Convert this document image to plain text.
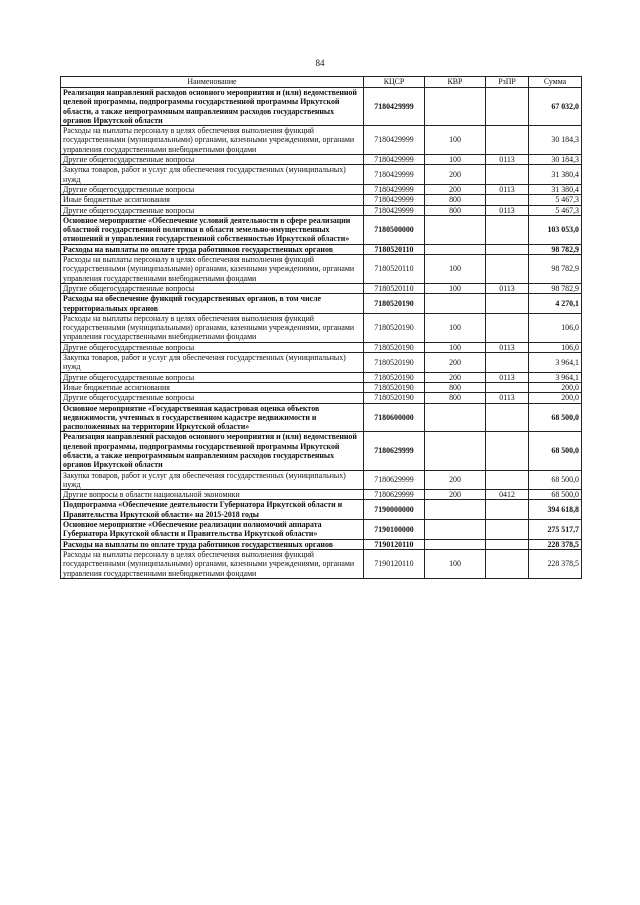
84
Наименование	КЦСР	КВР	РзПР	Сумма
Реализация направлений расходов основного мероприятия и (или) ведомственной целевой программы, подпрограммы государственной программы Иркутской области, а также непрограммным направлениям расходов государственных органов Иркутской области	7180429999			67 032,0
Расходы на выплаты персоналу в целях обеспечения выполнения функций государственными (муниципальными) органами, казенными учреждениями, органами управления государственными внебюджетными фондами	7180429999	100		30 184,3
Другие общегосударственные вопросы	7180429999	100	0113	30 184,3
Закупка товаров, работ и услуг для обеспечения государственных (муниципальных) нужд	7180429999	200		31 380,4
Другие общегосударственные вопросы	7180429999	200	0113	31 380,4
Иные бюджетные ассигнования	7180429999	800		5 467,3
Другие общегосударственные вопросы	7180429999	800	0113	5 467,3
Основное мероприятие «Обеспечение условий деятельности в сфере реализации областной государственной политики в области земельно-имущественных отношений и управления государственной собственностью Иркутской области»	7180500000			103 053,0
Расходы на выплаты по оплате труда работников государственных органов	7180520110			98 782,9
Расходы на выплаты персоналу в целях обеспечения выполнения функций государственными (муниципальными) органами, казенными учреждениями, органами управления государственными внебюджетными фондами	7180520110	100		98 782,9
Другие общегосударственные вопросы	7180520110	100	0113	98 782,9
Расходы на обеспечение функций государственных органов, в том числе территориальных органов	7180520190			4 270,1
Расходы на выплаты персоналу в целях обеспечения выполнения функций государственными (муниципальными) органами, казенными учреждениями, органами управления государственными внебюджетными фондами	7180520190	100		106,0
Другие общегосударственные вопросы	7180520190	100	0113	106,0
Закупка товаров, работ и услуг для обеспечения государственных (муниципальных) нужд	7180520190	200		3 964,1
Другие общегосударственные вопросы	7180520190	200	0113	3 964,1
Иные бюджетные ассигнования	7180520190	800		200,0
Другие общегосударственные вопросы	7180520190	800	0113	200,0
Основное мероприятие «Государственная кадастровая оценка объектов недвижимости, учтенных в государственном кадастре недвижимости и расположенных на территории Иркутской области»	7180600000			68 500,0
Реализация направлений расходов основного мероприятия и (или) ведомственной целевой программы, подпрограммы государственной программы Иркутской области, а также непрограммным направлениям расходов государственных органов Иркутской области	7180629999			68 500,0
Закупка товаров, работ и услуг для обеспечения государственных (муниципальных) нужд	7180629999	200		68 500,0
Другие вопросы в области национальной экономики	7180629999	200	0412	68 500,0
Подпрограмма «Обеспечение деятельности Губернатора Иркутской области и Правительства Иркутской области» на 2015-2018 годы	7190000000			394 618,8
Основное мероприятие «Обеспечение реализации полномочий аппарата Губернатора Иркутской области и Правительства Иркутской области»	7190100000			275 517,7
Расходы на выплаты по оплате труда работников государственных органов	7190120110			228 378,5
Расходы на выплаты персоналу в целях обеспечения выполнения функций государственными (муниципальными) органами, казенными учреждениями, органами управления государственными внебюджетными фондами	7190120110	100		228 378,5
